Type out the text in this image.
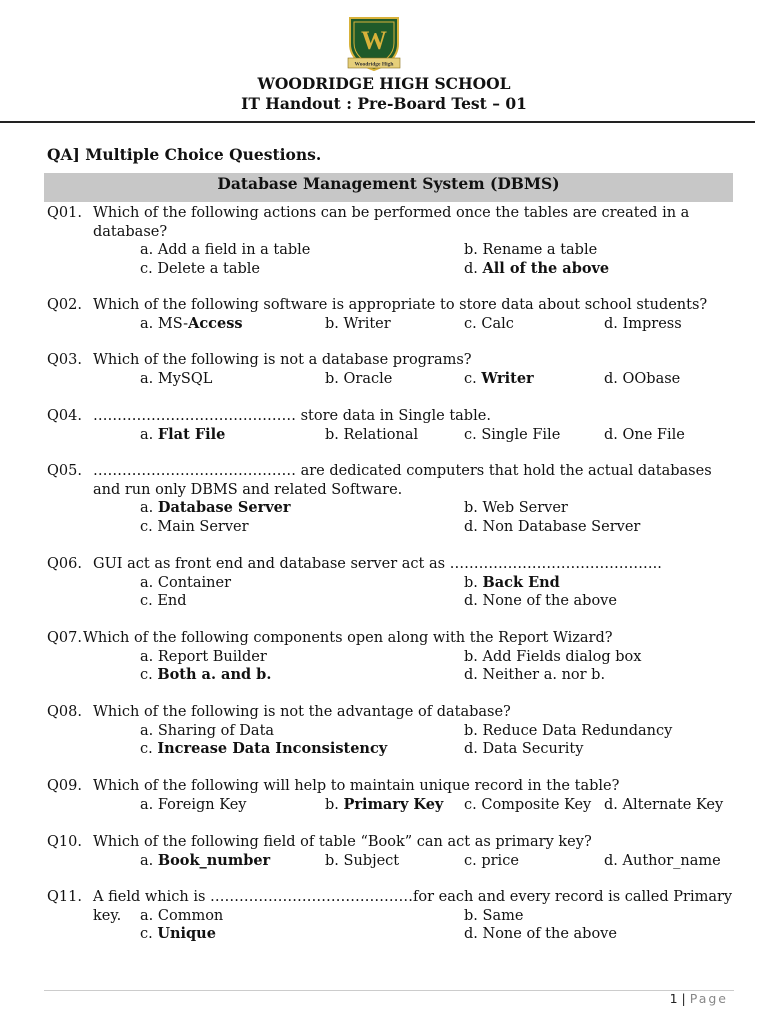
W
Woodridge High
WOODRIDGE HIGH SCHOOL
IT Handout : Pre-Board Test – 01
QA] Multiple Choice Questions.
Database Management System (DBMS)
Q01. Which of the following actions can be performed once the tables are created in a database?
a. Add a field in a table	b. Rename a table
c. Delete a table	d. All of the above
Q02. Which of the following software is appropriate to store data about school students?
a. MS-Access	b. Writer	c. Calc	d. Impress
Q03. Which of the following is not a database programs?
a. MySQL	b. Oracle	c. Writer	d. OObase
Q04. …………………………………… store data in Single table.
a. Flat File	b. Relational	c. Single File	d. One File
Q05. …………………………………… are dedicated computers that hold the actual databases and run only DBMS and related Software.
a. Database Server	b. Web Server
c. Main Server	d. Non Database Server
Q06. GUI act as front end and database server act as ……………………………………..
a. Container	b. Back End
c. End	d. None of the above
Q07. Which of the following components open along with the Report Wizard?
a. Report Builder	b. Add Fields dialog box
c. Both a. and b.	d. Neither a. nor b.
Q08. Which of the following is not the advantage of database?
a. Sharing of Data	b. Reduce Data Redundancy
c. Increase Data Inconsistency	d. Data Security
Q09. Which of the following will help to maintain unique record in the table?
a. Foreign Key	b. Primary Key c. Composite Key d. Alternate Key
Q10. Which of the following field of table “Book” can act as primary key?
a. Book_number	b. Subject	c. price	d. Author_name
Q11. A field which is ……………………………………for each and every record is called Primary key.	a. Common	b. Same
c. Unique	d. None of the above
1 | Page
